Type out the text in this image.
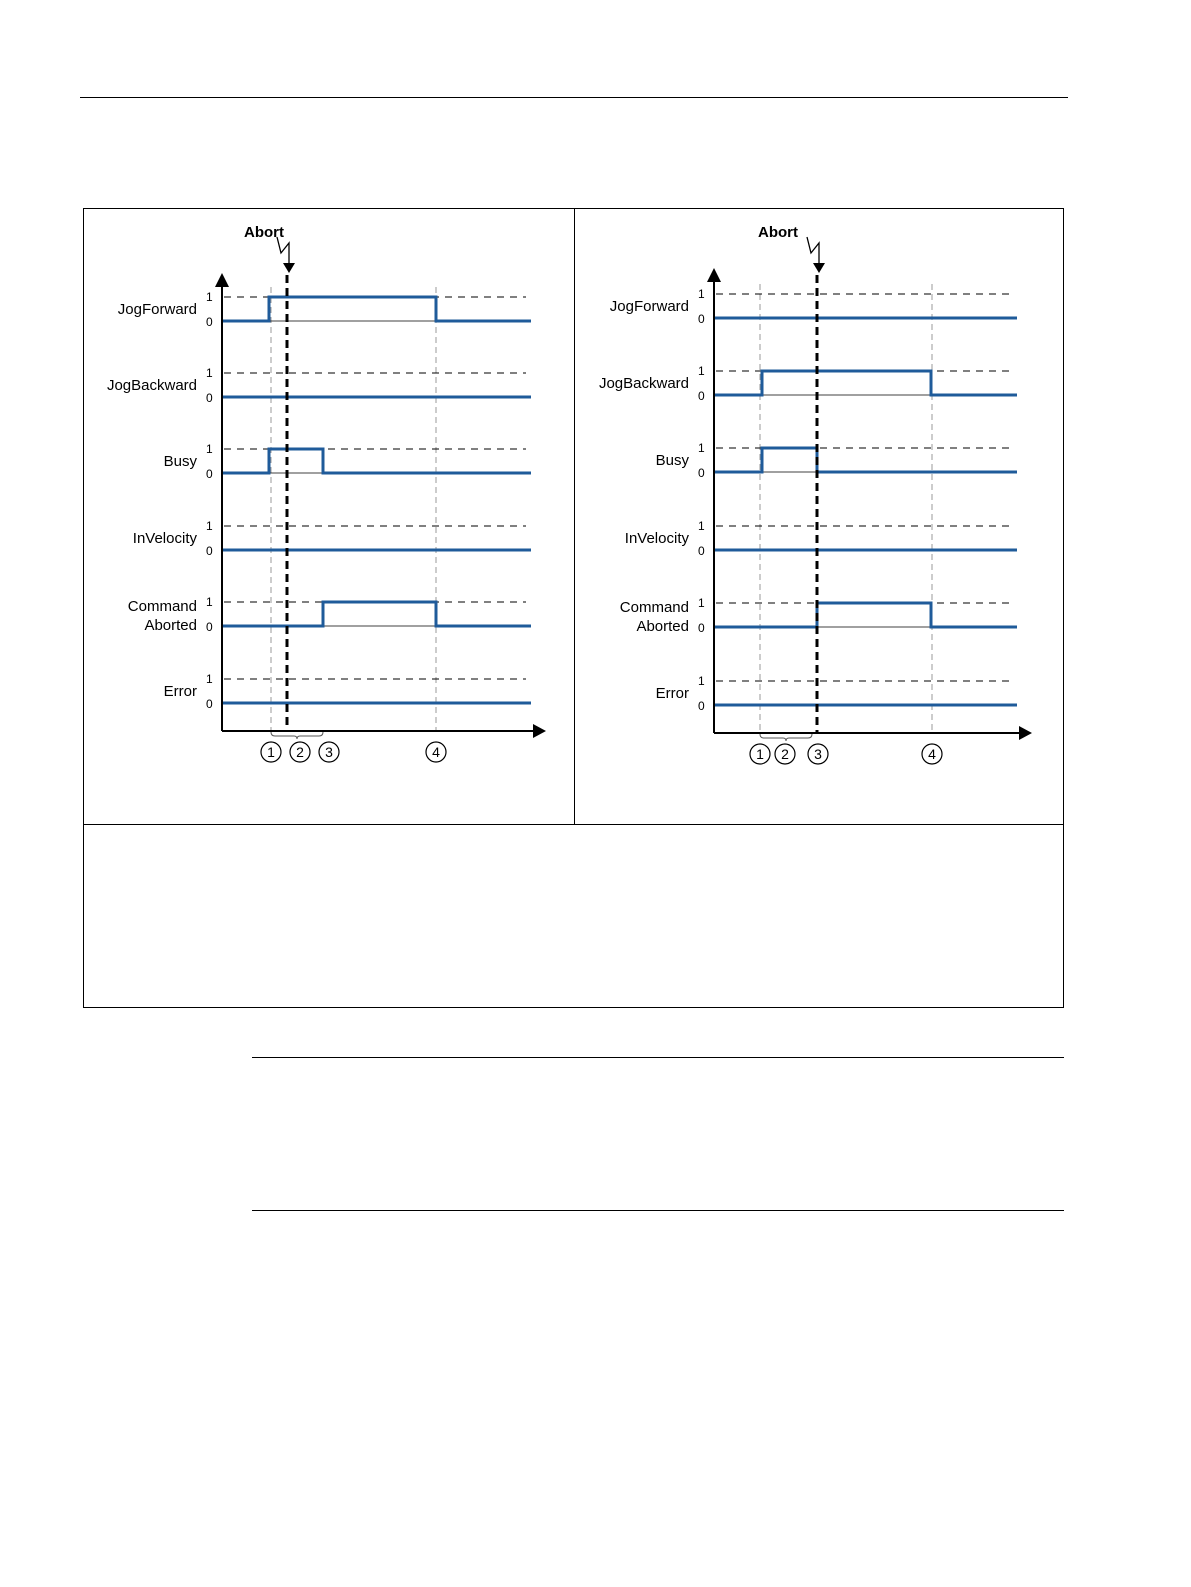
Abort
1
0
JogForward
1
0
JogBackward
1
0
Busy
1
0
InVelocity
1
0
Command
Aborted
1
0
Error
1 2 3	4
Abort
1
0
JogForward
1
0
JogBackward
1
0
Busy
1
0
InVelocity
1
0
Command
Aborted
1
0
Error
1 2 3	4
